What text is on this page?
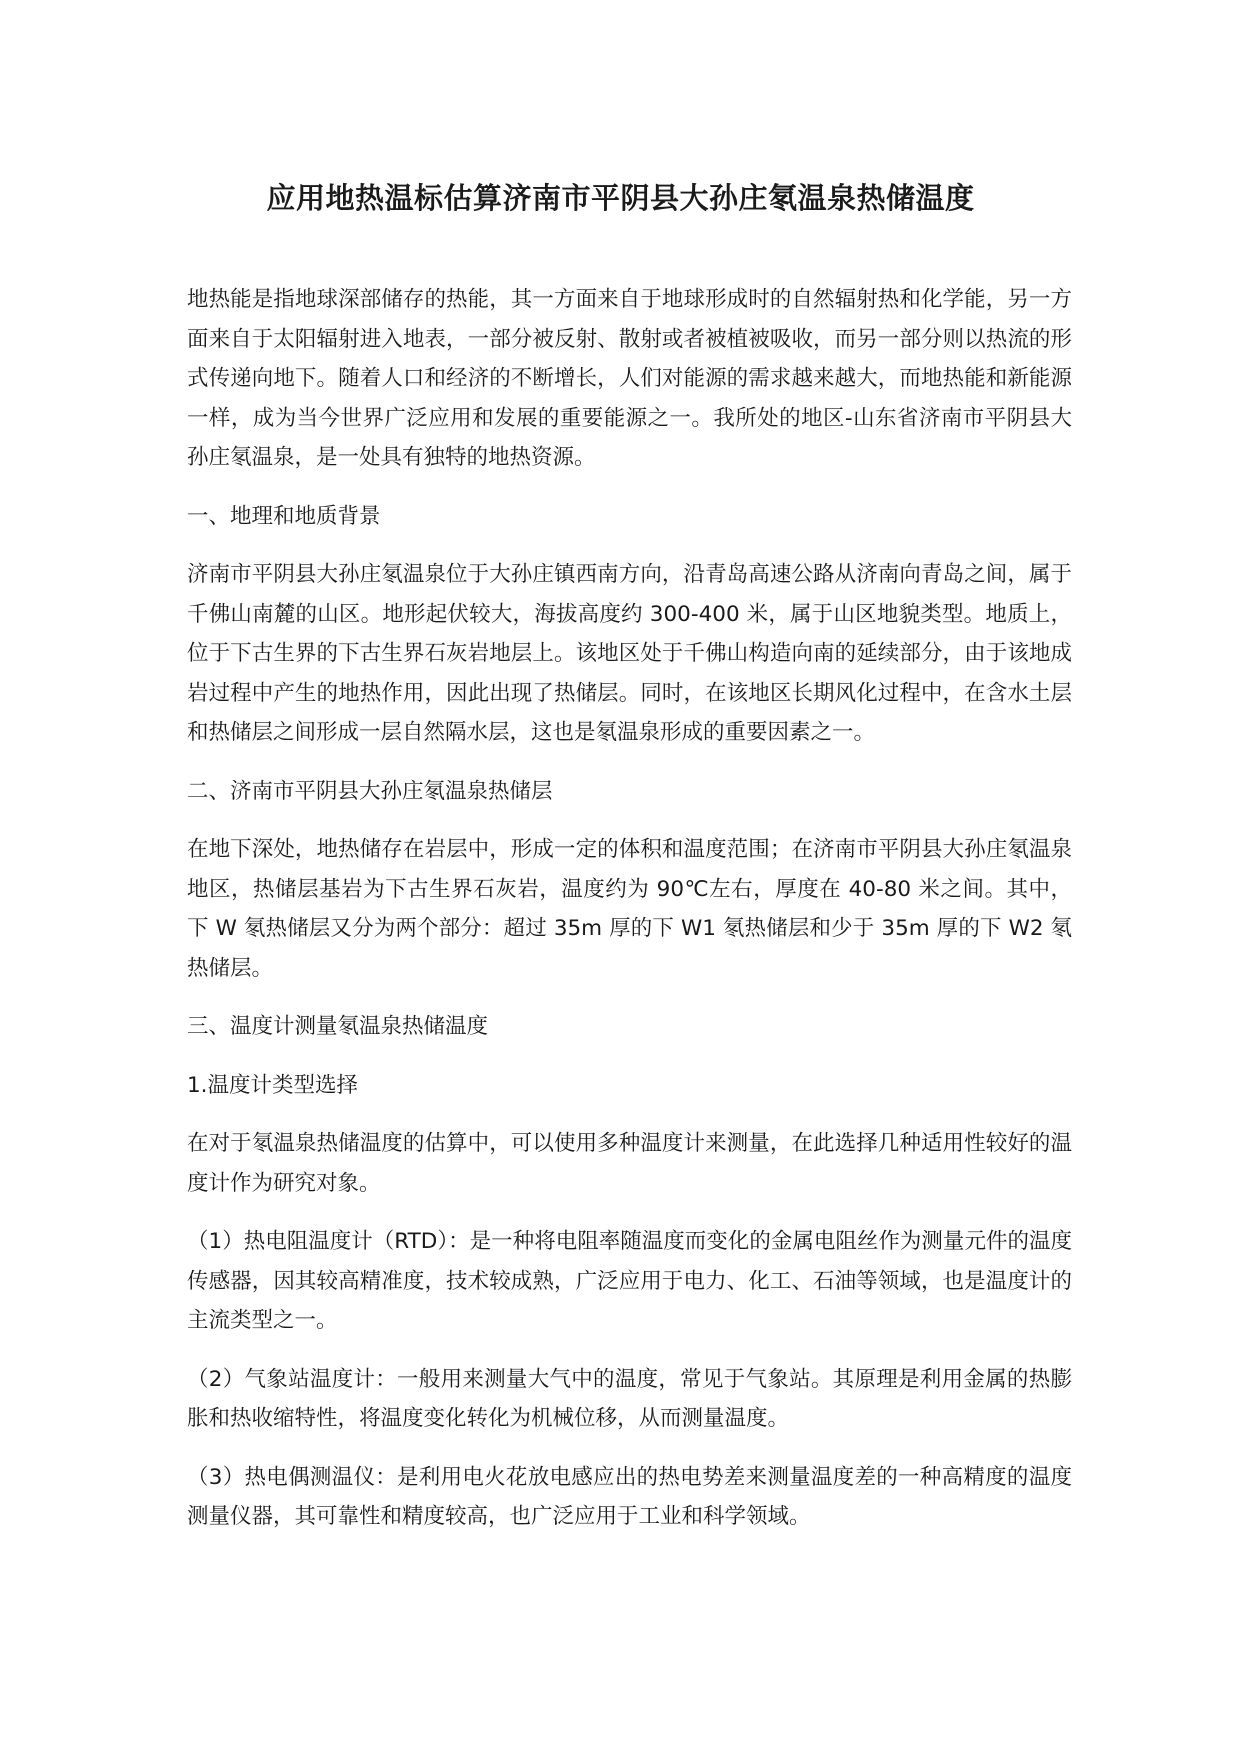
应用地热温标估算济南市平阴县大孙庄氡温泉热储温度

地热能是指地球深部储存的热能，其一方面来自于地球形成时的自然辐射热和化学能，另一方面来自于太阳辐射进入地表，一部分被反射、散射或者被植被吸收，而另一部分则以热流的形式传递向地下。随着人口和经济的不断增长，人们对能源的需求越来越大，而地热能和新能源一样，成为当今世界广泛应用和发展的重要能源之一。我所处的地区-山东省济南市平阴县大孙庄氡温泉，是一处具有独特的地热资源。

一、地理和地质背景

济南市平阴县大孙庄氡温泉位于大孙庄镇西南方向，沿青岛高速公路从济南向青岛之间，属于千佛山南麓的山区。地形起伏较大，海拔高度约 300-400 米，属于山区地貌类型。地质上，位于下古生界的下古生界石灰岩地层上。该地区处于千佛山构造向南的延续部分，由于该地成岩过程中产生的地热作用，因此出现了热储层。同时，在该地区长期风化过程中，在含水土层和热储层之间形成一层自然隔水层，这也是氡温泉形成的重要因素之一。

二、济南市平阴县大孙庄氡温泉热储层

在地下深处，地热储存在岩层中，形成一定的体积和温度范围；在济南市平阴县大孙庄氡温泉地区，热储层基岩为下古生界石灰岩，温度约为 90℃左右，厚度在 40-80 米之间。其中，下 W 氡热储层又分为两个部分：超过 35m 厚的下 W1 氡热储层和少于 35m 厚的下 W2 氡热储层。

三、温度计测量氡温泉热储温度

1.温度计类型选择

在对于氡温泉热储温度的估算中，可以使用多种温度计来测量，在此选择几种适用性较好的温度计作为研究对象。

（1）热电阻温度计（RTD）：是一种将电阻率随温度而变化的金属电阻丝作为测量元件的温度传感器，因其较高精准度，技术较成熟，广泛应用于电力、化工、石油等领域，也是温度计的主流类型之一。

（2）气象站温度计：一般用来测量大气中的温度，常见于气象站。其原理是利用金属的热膨胀和热收缩特性，将温度变化转化为机械位移，从而测量温度。

（3）热电偶测温仪：是利用电火花放电感应出的热电势差来测量温度差的一种高精度的温度测量仪器，其可靠性和精度较高，也广泛应用于工业和科学领域。
